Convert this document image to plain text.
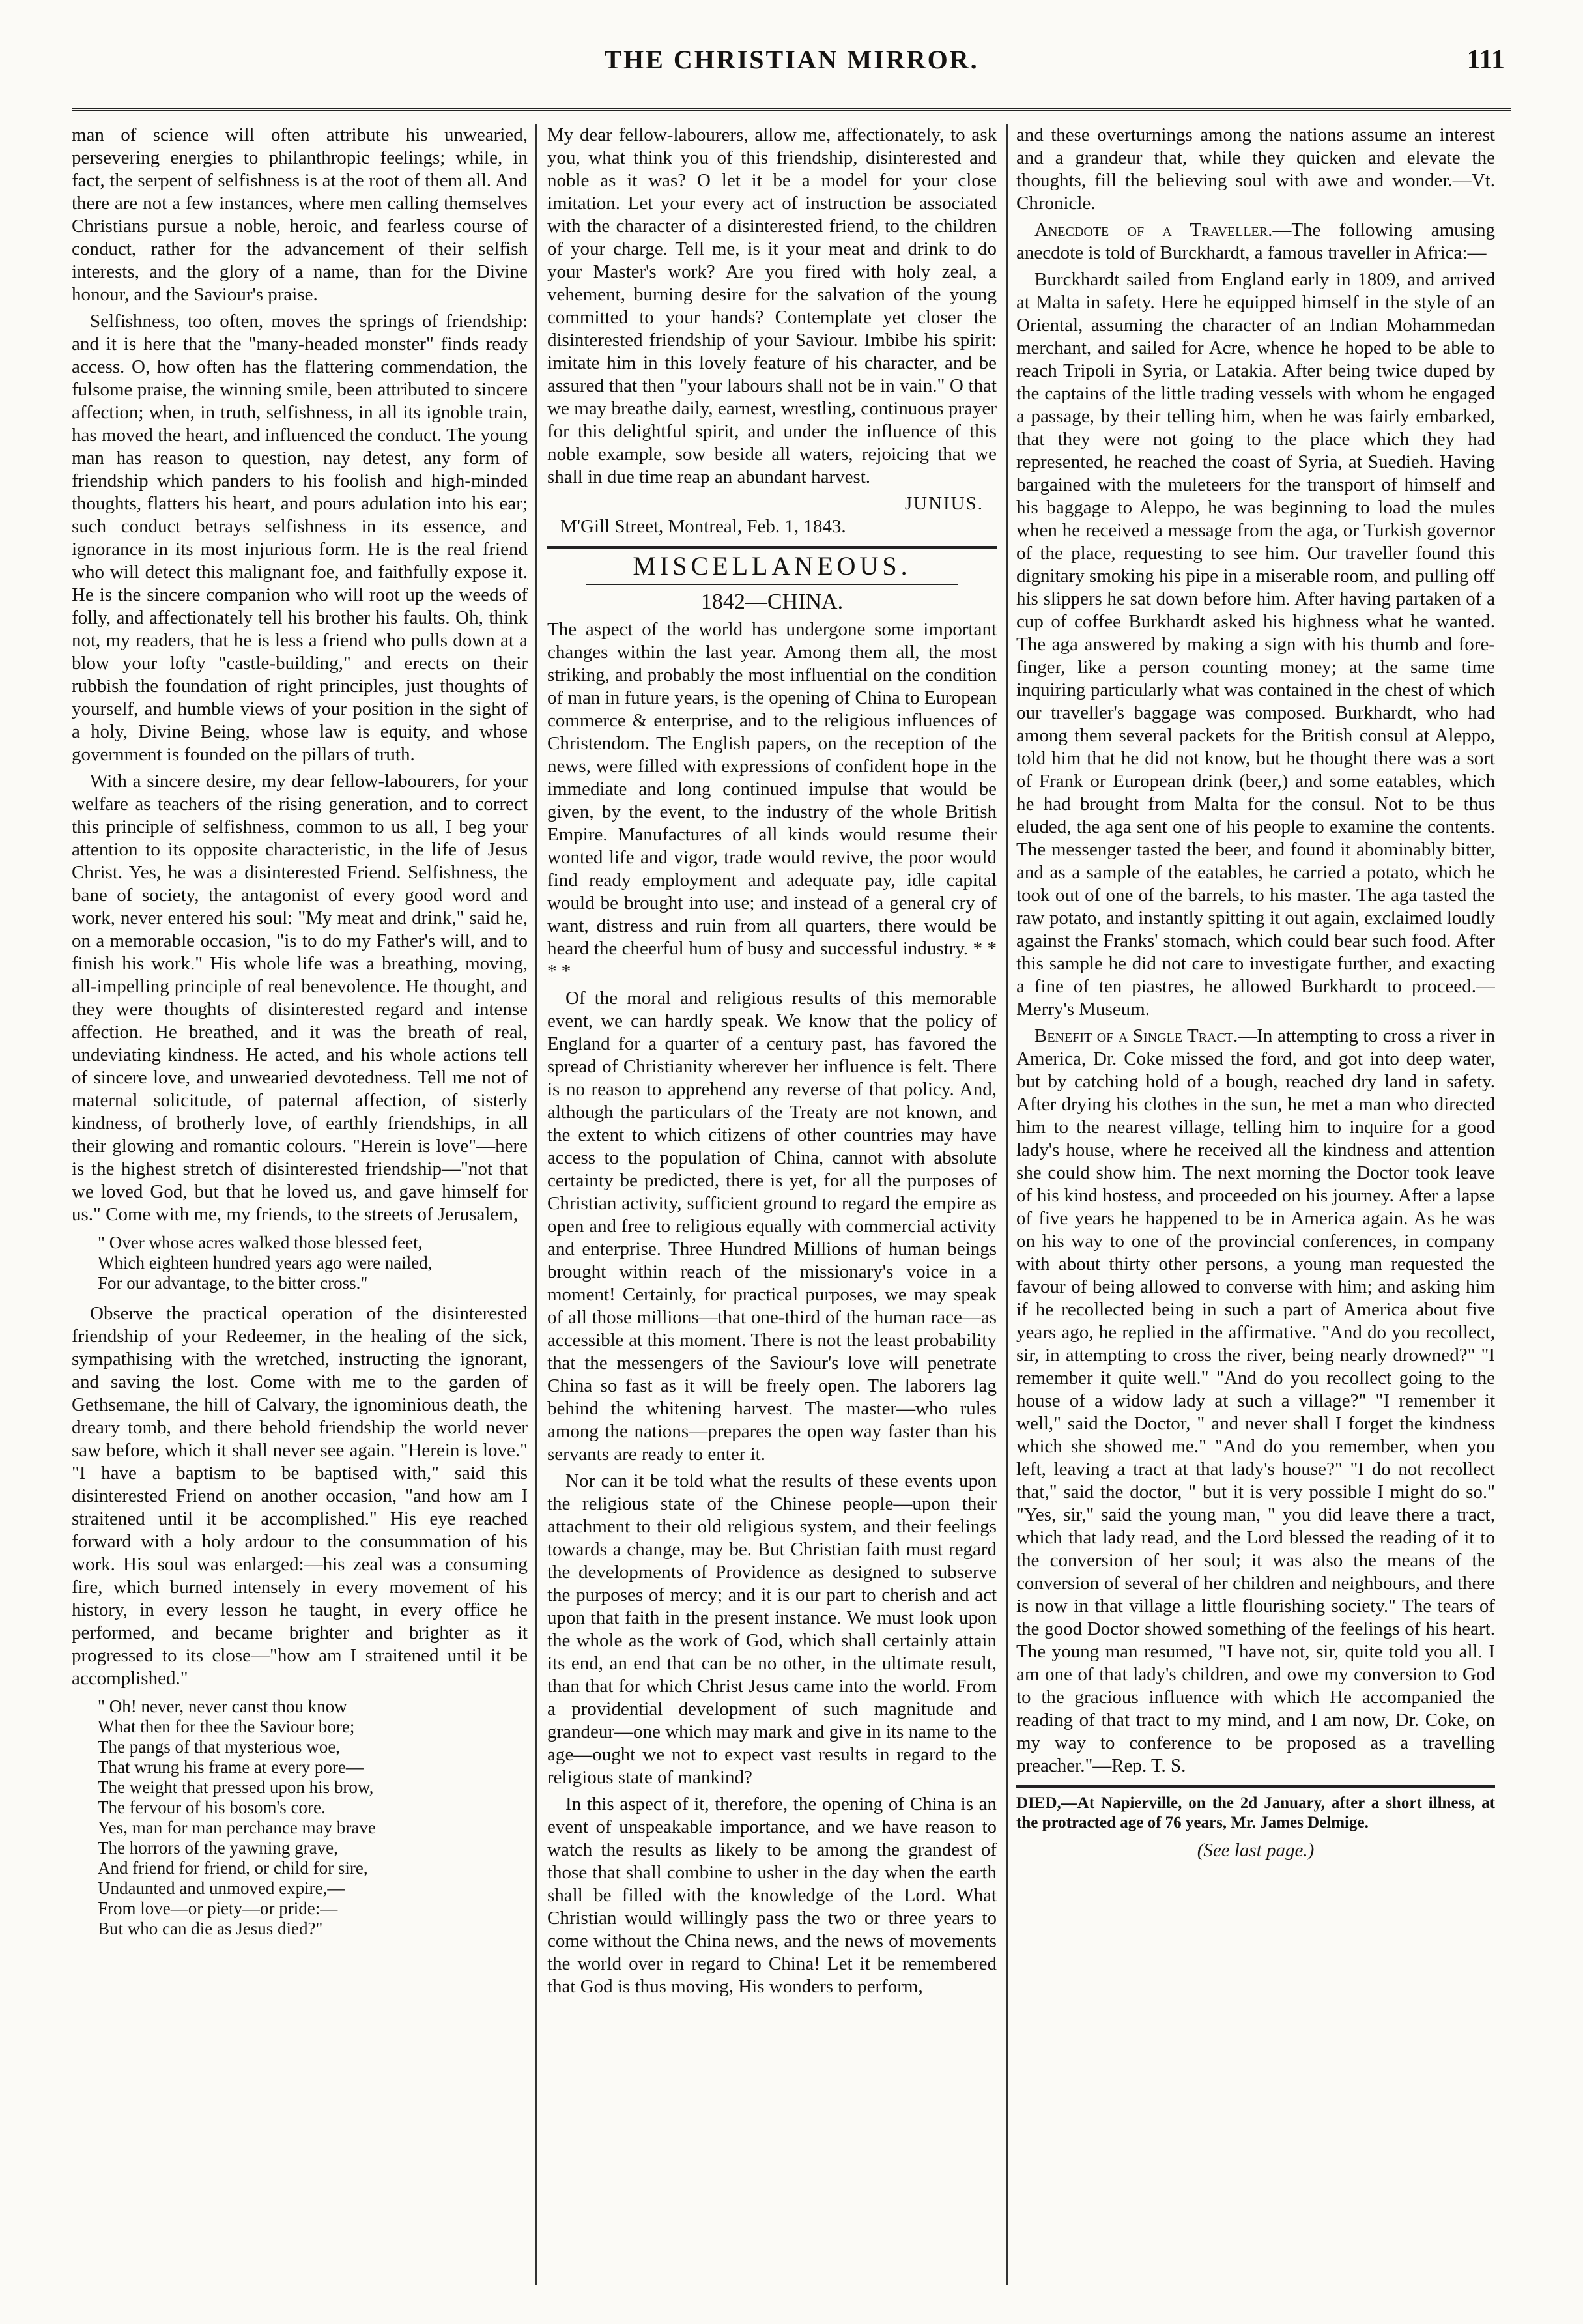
THE CHRISTIAN MIRROR.	111

man of science will often attribute his unwearied, persevering energies to philanthropic feelings; while, in fact, the serpent of selfishness is at the root of them all. And there are not a few instances, where men calling themselves Christians pursue a noble, heroic, and fearless course of conduct, rather for the advancement of their selfish interests, and the glory of a name, than for the Divine honour, and the Saviour's praise.

Selfishness, too often, moves the springs of friendship: and it is here that the "many-headed monster" finds ready access. O, how often has the flattering commendation, the fulsome praise, the winning smile, been attributed to sincere affection; when, in truth, selfishness, in all its ignoble train, has moved the heart, and influenced the conduct. The young man has reason to question, nay detest, any form of friendship which panders to his foolish and high-minded thoughts, flatters his heart, and pours adulation into his ear; such conduct betrays selfishness in its essence, and ignorance in its most injurious form. He is the real friend who will detect this malignant foe, and faithfully expose it. He is the sincere companion who will root up the weeds of folly, and affectionately tell his brother his faults. Oh, think not, my readers, that he is less a friend who pulls down at a blow your lofty "castle-building," and erects on their rubbish the foundation of right principles, just thoughts of yourself, and humble views of your position in the sight of a holy, Divine Being, whose law is equity, and whose government is founded on the pillars of truth.

With a sincere desire, my dear fellow-labourers, for your welfare as teachers of the rising generation, and to correct this principle of selfishness, common to us all, I beg your attention to its opposite characteristic, in the life of Jesus Christ. Yes, he was a disinterested Friend. Selfishness, the bane of society, the antagonist of every good word and work, never entered his soul: "My meat and drink," said he, on a memorable occasion, "is to do my Father's will, and to finish his work." His whole life was a breathing, moving, all-impelling principle of real benevolence. He thought, and they were thoughts of disinterested regard and intense affection. He breathed, and it was the breath of real, undeviating kindness. He acted, and his whole actions tell of sincere love, and unwearied devotedness. Tell me not of maternal solicitude, of paternal affection, of sisterly kindness, of brotherly love, of earthly friendships, in all their glowing and romantic colours. "Herein is love"—here is the highest stretch of disinterested friendship—"not that we loved God, but that he loved us, and gave himself for us." Come with me, my friends, to the streets of Jerusalem,

" Over whose acres walked those blessed feet,
Which eighteen hundred years ago were nailed,
For our advantage, to the bitter cross."

Observe the practical operation of the disinterested friendship of your Redeemer, in the healing of the sick, sympathising with the wretched, instructing the ignorant, and saving the lost. Come with me to the garden of Gethsemane, the hill of Calvary, the ignominious death, the dreary tomb, and there behold friendship the world never saw before, which it shall never see again. "Herein is love." "I have a baptism to be baptised with," said this disinterested Friend on another occasion, "and how am I straitened until it be accomplished." His eye reached forward with a holy ardour to the consummation of his work. His soul was enlarged:—his zeal was a consuming fire, which burned intensely in every movement of his history, in every lesson he taught, in every office he performed, and became brighter and brighter as it progressed to its close—"how am I straitened until it be accomplished."

" Oh! never, never canst thou know
What then for thee the Saviour bore;
The pangs of that mysterious woe,
That wrung his frame at every pore—
The weight that pressed upon his brow,
The fervour of his bosom's core.
Yes, man for man perchance may brave
The horrors of the yawning grave,
And friend for friend, or child for sire,
Undaunted and unmoved expire,—
From love—or piety—or pride:—
But who can die as Jesus died?"

My dear fellow-labourers, allow me, affectionately, to ask you, what think you of this friendship, disinterested and noble as it was? O let it be a model for your close imitation. Let your every act of instruction be associated with the character of a disinterested friend, to the children of your charge. Tell me, is it your meat and drink to do your Master's work? Are you fired with holy zeal, a vehement, burning desire for the salvation of the young committed to your hands? Contemplate yet closer the disinterested friendship of your Saviour. Imbibe his spirit: imitate him in this lovely feature of his character, and be assured that then "your labours shall not be in vain." O that we may breathe daily, earnest, wrestling, continuous prayer for this delightful spirit, and under the influence of this noble example, sow beside all waters, rejoicing that we shall in due time reap an abundant harvest.

JUNIUS.

M'Gill Street, Montreal, Feb. 1, 1843.

MISCELLANEOUS.
1842—CHINA.

The aspect of the world has undergone some important changes within the last year. Among them all, the most striking, and probably the most influential on the condition of man in future years, is the opening of China to European commerce & enterprise, and to the religious influences of Christendom. The English papers, on the reception of the news, were filled with expressions of confident hope in the immediate and long continued impulse that would be given, by the event, to the industry of the whole British Empire. Manufactures of all kinds would resume their wonted life and vigor, trade would revive, the poor would find ready employment and adequate pay, idle capital would be brought into use; and instead of a general cry of want, distress and ruin from all quarters, there would be heard the cheerful hum of busy and successful industry. * * * *

Of the moral and religious results of this memorable event, we can hardly speak. We know that the policy of England for a quarter of a century past, has favored the spread of Christianity wherever her influence is felt. There is no reason to apprehend any reverse of that policy. And, although the particulars of the Treaty are not known, and the extent to which citizens of other countries may have access to the population of China, cannot with absolute certainty be predicted, there is yet, for all the purposes of Christian activity, sufficient ground to regard the empire as open and free to religious equally with commercial activity and enterprise. Three Hundred Millions of human beings brought within reach of the missionary's voice in a moment! Certainly, for practical purposes, we may speak of all those millions—that one-third of the human race—as accessible at this moment. There is not the least probability that the messengers of the Saviour's love will penetrate China so fast as it will be freely open. The laborers lag behind the whitening harvest. The master—who rules among the nations—prepares the open way faster than his servants are ready to enter it.

Nor can it be told what the results of these events upon the religious state of the Chinese people—upon their attachment to their old religious system, and their feelings towards a change, may be. But Christian faith must regard the developments of Providence as designed to subserve the purposes of mercy; and it is our part to cherish and act upon that faith in the present instance. We must look upon the whole as the work of God, which shall certainly attain its end, an end that can be no other, in the ultimate result, than that for which Christ Jesus came into the world. From a providential development of such magnitude and grandeur—one which may mark and give in its name to the age—ought we not to expect vast results in regard to the religious state of mankind?

In this aspect of it, therefore, the opening of China is an event of unspeakable importance, and we have reason to watch the results as likely to be among the grandest of those that shall combine to usher in the day when the earth shall be filled with the knowledge of the Lord. What Christian would willingly pass the two or three years to come without the China news, and the news of movements the world over in regard to China! Let it be remembered that God is thus moving, His wonders to perform,

and these overturnings among the nations assume an interest and a grandeur that, while they quicken and elevate the thoughts, fill the believing soul with awe and wonder.—Vt. Chronicle.

Anecdote of a Traveller.—The following amusing anecdote is told of Burckhardt, a famous traveller in Africa:—

Burckhardt sailed from England early in 1809, and arrived at Malta in safety. Here he equipped himself in the style of an Oriental, assuming the character of an Indian Mohammedan merchant, and sailed for Acre, whence he hoped to be able to reach Tripoli in Syria, or Latakia. After being twice duped by the captains of the little trading vessels with whom he engaged a passage, by their telling him, when he was fairly embarked, that they were not going to the place which they had represented, he reached the coast of Syria, at Suedieh. Having bargained with the muleteers for the transport of himself and his baggage to Aleppo, he was beginning to load the mules when he received a message from the aga, or Turkish governor of the place, requesting to see him. Our traveller found this dignitary smoking his pipe in a miserable room, and pulling off his slippers he sat down before him. After having partaken of a cup of coffee Burkhardt asked his highness what he wanted. The aga answered by making a sign with his thumb and fore-finger, like a person counting money; at the same time inquiring particularly what was contained in the chest of which our traveller's baggage was composed. Burkhardt, who had among them several packets for the British consul at Aleppo, told him that he did not know, but he thought there was a sort of Frank or European drink (beer,) and some eatables, which he had brought from Malta for the consul. Not to be thus eluded, the aga sent one of his people to examine the contents. The messenger tasted the beer, and found it abominably bitter, and as a sample of the eatables, he carried a potato, which he took out of one of the barrels, to his master. The aga tasted the raw potato, and instantly spitting it out again, exclaimed loudly against the Franks' stomach, which could bear such food. After this sample he did not care to investigate further, and exacting a fine of ten piastres, he allowed Burkhardt to proceed.—Merry's Museum.

Benefit of a Single Tract.—In attempting to cross a river in America, Dr. Coke missed the ford, and got into deep water, but by catching hold of a bough, reached dry land in safety. After drying his clothes in the sun, he met a man who directed him to the nearest village, telling him to inquire for a good lady's house, where he received all the kindness and attention she could show him. The next morning the Doctor took leave of his kind hostess, and proceeded on his journey. After a lapse of five years he happened to be in America again. As he was on his way to one of the provincial conferences, in company with about thirty other persons, a young man requested the favour of being allowed to converse with him; and asking him if he recollected being in such a part of America about five years ago, he replied in the affirmative. "And do you recollect, sir, in attempting to cross the river, being nearly drowned?" "I remember it quite well." "And do you recollect going to the house of a widow lady at such a village?" "I remember it well," said the Doctor, " and never shall I forget the kindness which she showed me." "And do you remember, when you left, leaving a tract at that lady's house?" "I do not recollect that," said the doctor, " but it is very possible I might do so." "Yes, sir," said the young man, " you did leave there a tract, which that lady read, and the Lord blessed the reading of it to the conversion of her soul; it was also the means of the conversion of several of her children and neighbours, and there is now in that village a little flourishing society." The tears of the good Doctor showed something of the feelings of his heart. The young man resumed, "I have not, sir, quite told you all. I am one of that lady's children, and owe my conversion to God to the gracious influence with which He accompanied the reading of that tract to my mind, and I am now, Dr. Coke, on my way to conference to be proposed as a travelling preacher."—Rep. T. S.

DIED,—At Napierville, on the 2d January, after a short illness, at the protracted age of 76 years, Mr. James Delmige.

(See last page.)
